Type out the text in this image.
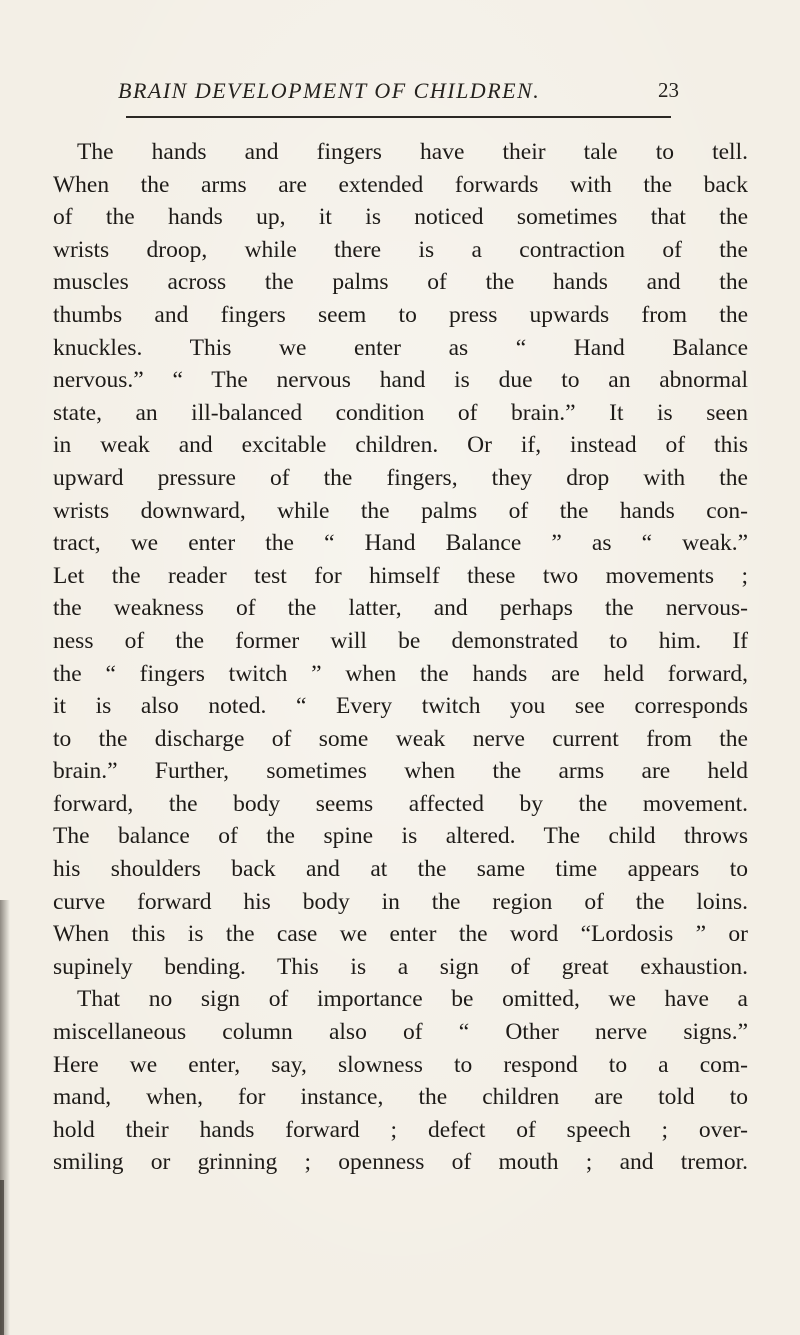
BRAIN DEVELOPMENT OF CHILDREN.	23
The hands and fingers have their tale to tell.
When the arms are extended forwards with the back
of the hands up, it is noticed sometimes that the
wrists droop, while there is a contraction of the
muscles across the palms of the hands and the
thumbs and fingers seem to press upwards from the
knuckles. This we enter as “ Hand Balance
nervous.” “ The nervous hand is due to an abnormal
state, an ill-balanced condition of brain.” It is seen
in weak and excitable children. Or if, instead of this
upward pressure of the fingers, they drop with the
wrists downward, while the palms of the hands con-
tract, we enter the “ Hand Balance ” as “ weak.”
Let the reader test for himself these two movements ;
the weakness of the latter, and perhaps the nervous-
ness of the former will be demonstrated to him. If
the “ fingers twitch ” when the hands are held forward,
it is also noted. “ Every twitch you see corresponds
to the discharge of some weak nerve current from the
brain.” Further, sometimes when the arms are held
forward, the body seems affected by the movement.
The balance of the spine is altered. The child throws
his shoulders back and at the same time appears to
curve forward his body in the region of the loins.
When this is the case we enter the word “Lordosis ” or
supinely bending. This is a sign of great exhaustion.
That no sign of importance be omitted, we have a
miscellaneous column also of “ Other nerve signs.”
Here we enter, say, slowness to respond to a com-
mand, when, for instance, the children are told to
hold their hands forward ; defect of speech ; over-
smiling or grinning ; openness of mouth ; and tremor.
